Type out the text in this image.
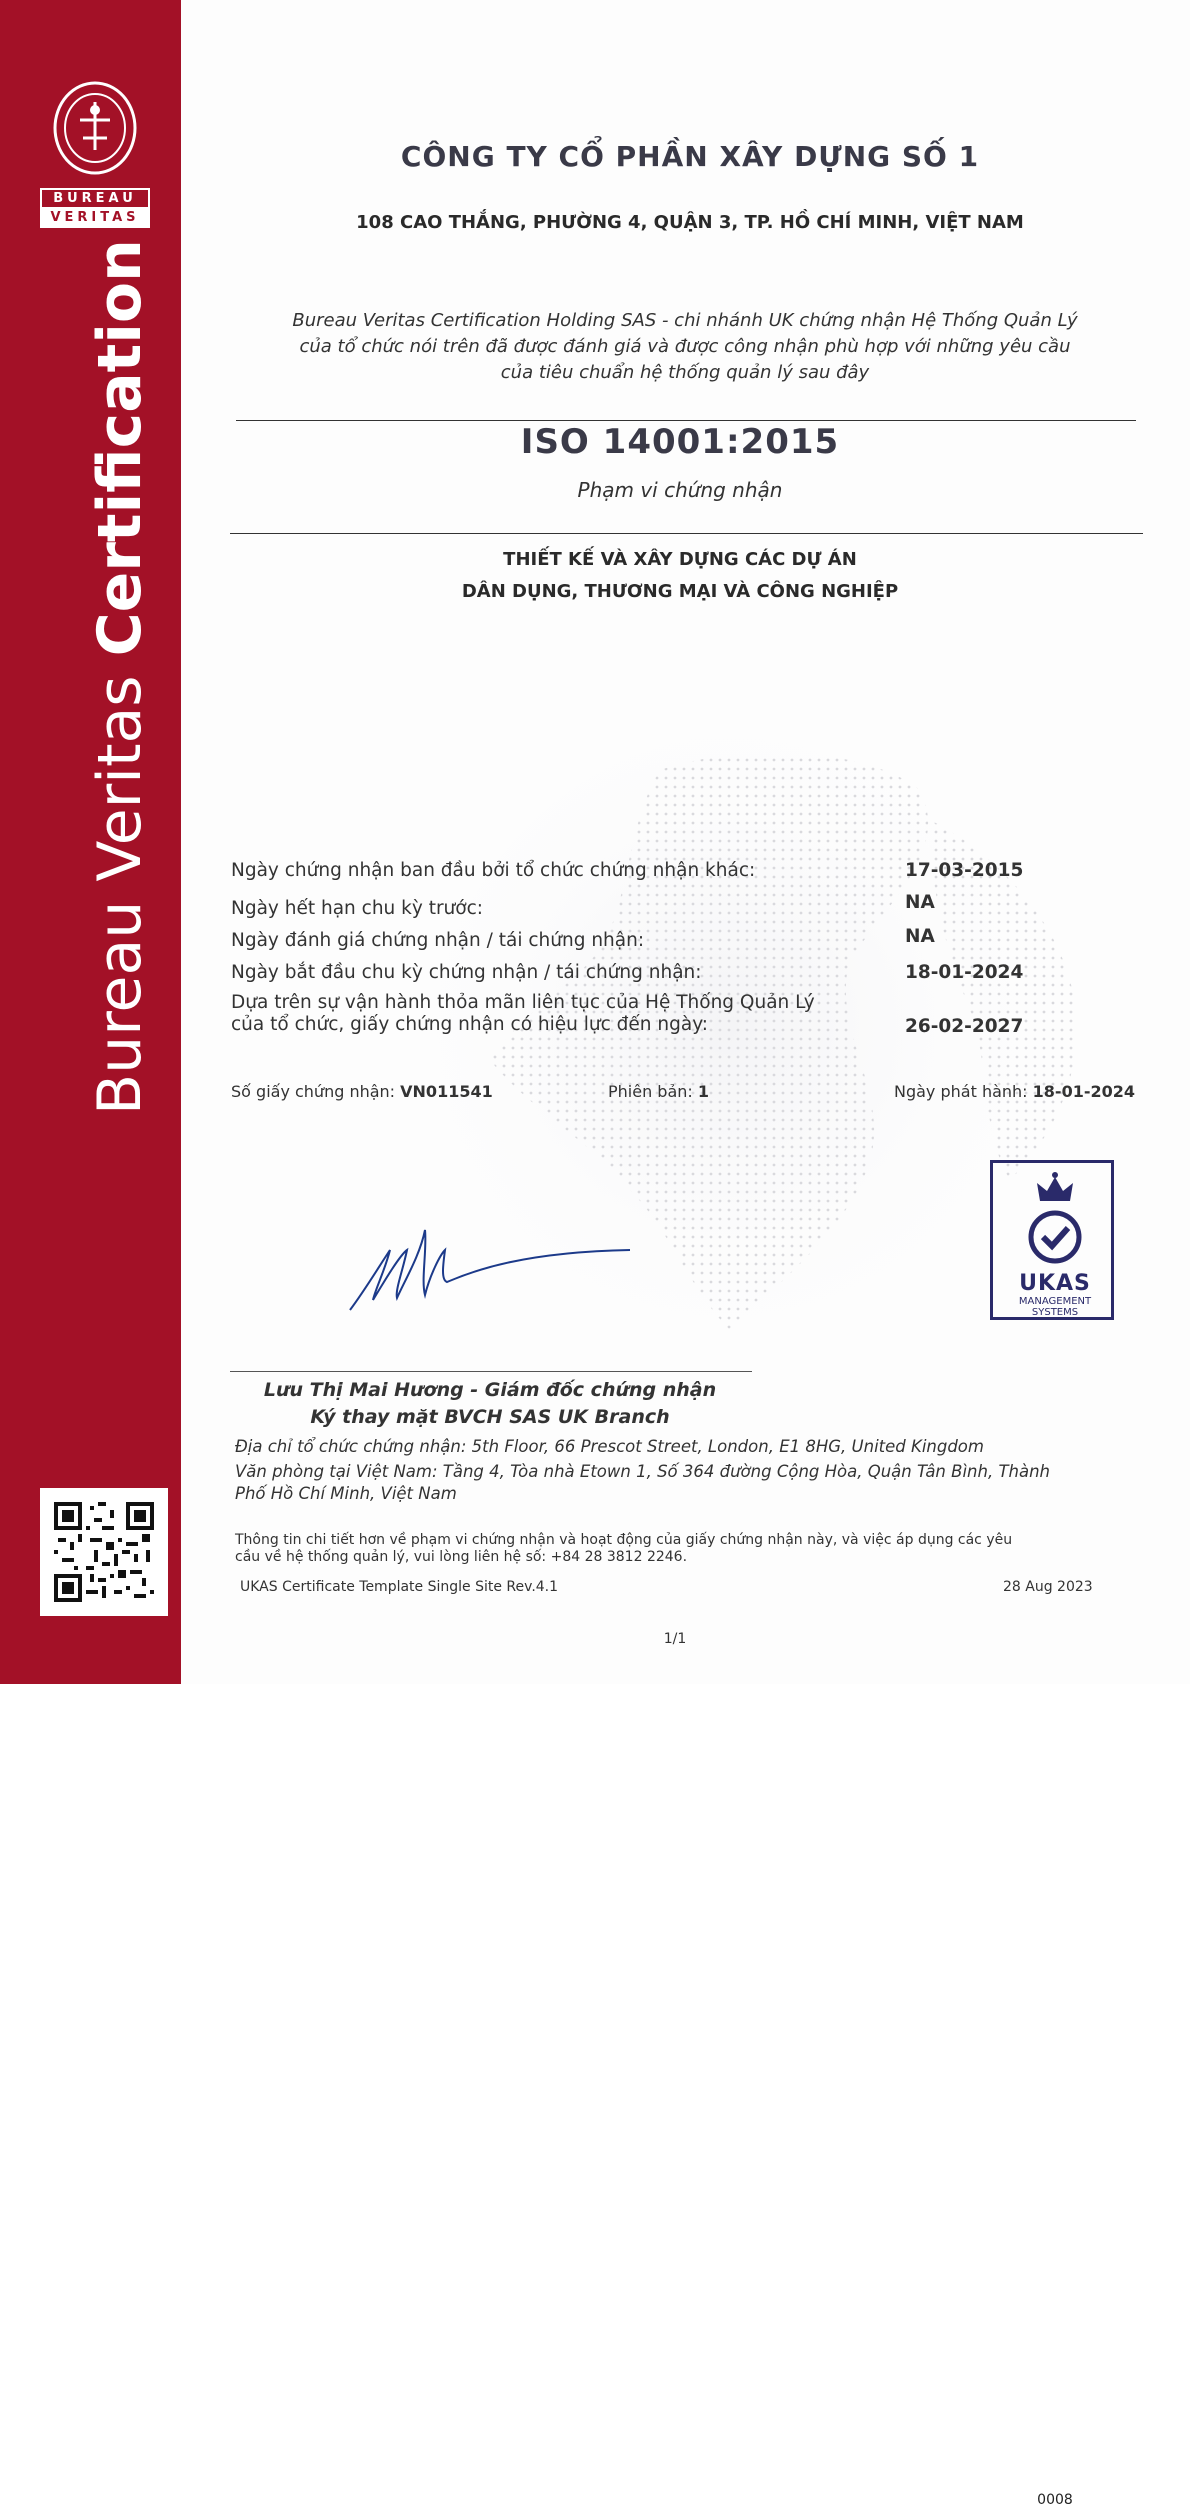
BUREAU
VERITAS
Bureau Veritas Certification
CÔNG TY CỔ PHẦN XÂY DỰNG SỐ 1
108 CAO THẮNG, PHƯỜNG 4, QUẬN 3, TP. HỒ CHÍ MINH, VIỆT NAM
Bureau Veritas Certification Holding SAS - chi nhánh UK chứng nhận Hệ Thống Quản Lý
của tổ chức nói trên đã được đánh giá và được công nhận phù hợp với những yêu cầu
của tiêu chuẩn hệ thống quản lý sau đây
ISO 14001:2015
Phạm vi chứng nhận
THIẾT KẾ VÀ XÂY DỰNG CÁC DỰ ÁN
DÂN DỤNG, THƯƠNG MẠI VÀ CÔNG NGHIỆP
Ngày chứng nhận ban đầu bởi tổ chức chứng nhận khác:	17-03-2015
Ngày hết hạn chu kỳ trước:	NA
Ngày đánh giá chứng nhận / tái chứng nhận:	NA
Ngày bắt đầu chu kỳ chứng nhận / tái chứng nhận:	18-01-2024
Dựa trên sự vận hành thỏa mãn liên tục của Hệ Thống Quản Lý
của tổ chức, giấy chứng nhận có hiệu lực đến ngày:	26-02-2027
Số giấy chứng nhận: VN011541	Phiên bản: 1	Ngày phát hành: 18-01-2024
UKAS
MANAGEMENT
SYSTEMS
0008
Lưu Thị Mai Hương - Giám đốc chứng nhận
Ký thay mặt BVCH SAS UK Branch
Địa chỉ tổ chức chứng nhận: 5th Floor, 66 Prescot Street, London, E1 8HG, United Kingdom
Văn phòng tại Việt Nam: Tầng 4, Tòa nhà Etown 1, Số 364 đường Cộng Hòa, Quận Tân Bình, Thành
Phố Hồ Chí Minh, Việt Nam
Thông tin chi tiết hơn về phạm vi chứng nhận và hoạt động của giấy chứng nhận này, và việc áp dụng các yêu
cầu về hệ thống quản lý, vui lòng liên hệ số: +84 28 3812 2246.
UKAS Certificate Template Single Site Rev.4.1	28 Aug 2023
1/1
